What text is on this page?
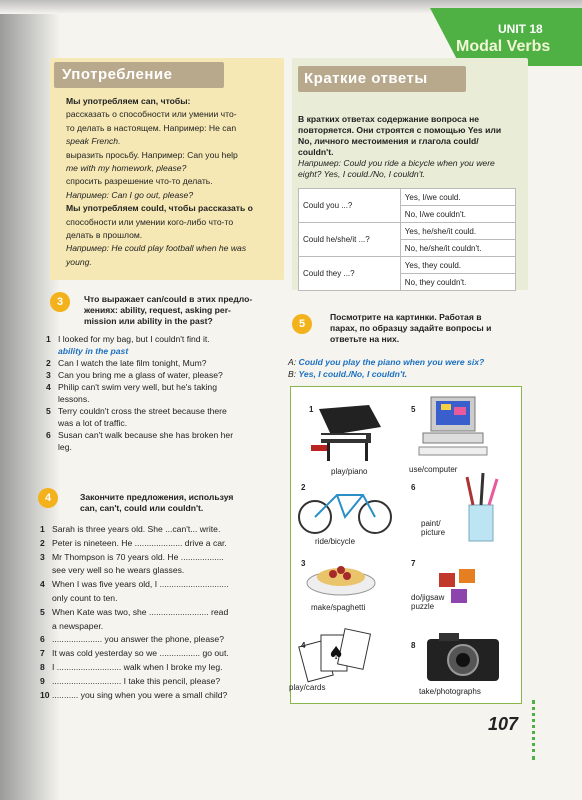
UNIT 18
Modal Verbs
Употребление
Мы употребляем can, чтобы:
рассказать о способности или умении что-
то делать в настоящем. Например: He can
speak French.
выразить просьбу. Например: Can you help
me with my homework, please?
спросить разрешение что-то делать.
Например: Can I go out, please?
Мы употребляем could, чтобы рассказать о
способности или умении кого-либо что-то
делать в прошлом.
Например: He could play football when he was
young.
Краткие ответы
В кратких ответах содержание вопроса не
повторяется. Они строятся с помощью Yes или
No, личного местоимения и глагола could/
couldn't.
Например: Could you ride a bicycle when you were
eight? Yes, I could./No, I couldn't.
Could you ...?	Yes, I/we could.
	No, I/we couldn't.
Could he/she/it ...?	Yes, he/she/it could.
	No, he/she/it couldn't.
Could they ...?	Yes, they could.
	No, they couldn't.
3	Что выражает can/could в этих предло-
жениях: ability, request, asking per-
mission или ability in the past?
1 I looked for my bag, but I couldn't find it.
ability in the past
2 Can I watch the late film tonight, Mum?
3 Can you bring me a glass of water, please?
4 Philip can't swim very well, but he's taking
lessons.
5 Terry couldn't cross the street because there
was a lot of traffic.
6 Susan can't walk because she has broken her
leg.
4	Закончите предложения, используя
can, can't, could или couldn't.
1 Sarah is three years old. She ...can't... write.
2 Peter is nineteen. He .................... drive a car.
3 Mr Thompson is 70 years old. He ..................
see very well so he wears glasses.
4 When I was five years old, I .............................
only count to ten.
5 When Kate was two, she ......................... read
a newspaper.
6 ..................... you answer the phone, please?
7 It was cold yesterday so we ................. go out.
8 I ........................... walk when I broke my leg.
9 ............................. I take this pencil, please?
10 ........... you sing when you were a small child?
5
Посмотрите на картинки. Работая в
парах, по образцу задайте вопросы и
ответьте на них.
A: Could you play the piano when you were six?
B: Yes, I could./No, I couldn't.
♠
1
play/piano
5
use/computer
2
ride/bicycle
6
paint/
picture
3
make/spaghetti
7
do/jigsaw
puzzle
4
play/cards
8
take/photographs
107
